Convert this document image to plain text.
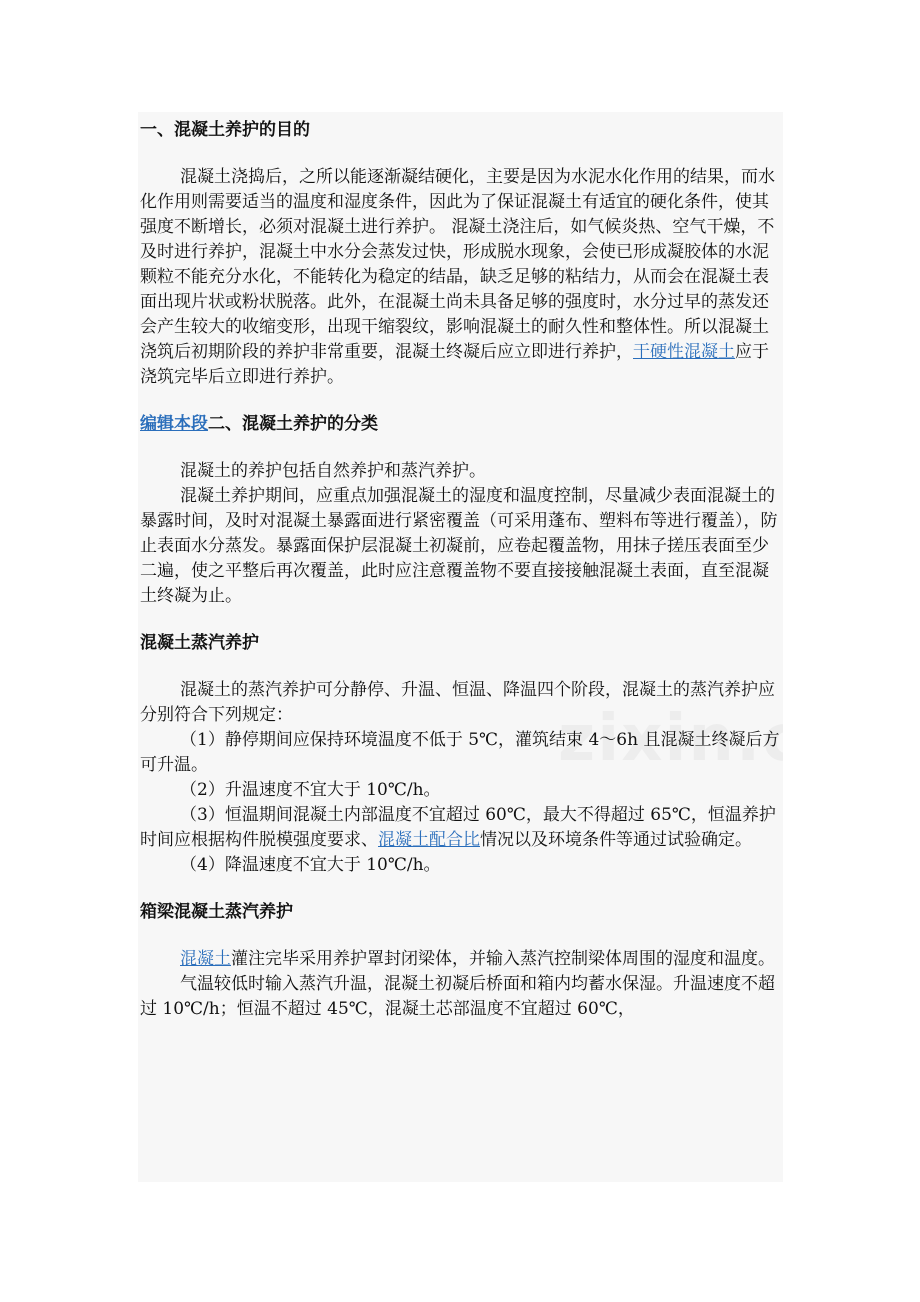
一、混凝土养护的目的

混凝土浇捣后，之所以能逐渐凝结硬化，主要是因为水泥水化作用的结果，而水化作用则需要适当的温度和湿度条件，因此为了保证混凝土有适宜的硬化条件，使其强度不断增长，必须对混凝土进行养护。 混凝土浇注后，如气候炎热、空气干燥，不及时进行养护，混凝土中水分会蒸发过快，形成脱水现象，会使已形成凝胶体的水泥颗粒不能充分水化，不能转化为稳定的结晶，缺乏足够的粘结力，从而会在混凝土表面出现片状或粉状脱落。此外，在混凝土尚未具备足够的强度时，水分过早的蒸发还会产生较大的收缩变形，出现干缩裂纹，影响混凝土的耐久性和整体性。所以混凝土浇筑后初期阶段的养护非常重要，混凝土终凝后应立即进行养护，干硬性混凝土应于浇筑完毕后立即进行养护。

编辑本段二、混凝土养护的分类

混凝土的养护包括自然养护和蒸汽养护。

混凝土养护期间，应重点加强混凝土的湿度和温度控制，尽量减少表面混凝土的暴露时间，及时对混凝土暴露面进行紧密覆盖（可采用蓬布、塑料布等进行覆盖），防止表面水分蒸发。暴露面保护层混凝土初凝前，应卷起覆盖物，用抹子搓压表面至少二遍，使之平整后再次覆盖，此时应注意覆盖物不要直接接触混凝土表面，直至混凝土终凝为止。

混凝土蒸汽养护

混凝土的蒸汽养护可分静停、升温、恒温、降温四个阶段，混凝土的蒸汽养护应分别符合下列规定：

（1）静停期间应保持环境温度不低于 5℃，灌筑结束 4～6h 且混凝土终凝后方可升温。

（2）升温速度不宜大于 10℃/h。

（3）恒温期间混凝土内部温度不宜超过 60℃，最大不得超过 65℃，恒温养护时间应根据构件脱模强度要求、混凝土配合比情况以及环境条件等通过试验确定。

（4）降温速度不宜大于 10℃/h。

箱梁混凝土蒸汽养护

混凝土灌注完毕采用养护罩封闭梁体，并输入蒸汽控制梁体周围的湿度和温度。

气温较低时输入蒸汽升温，混凝土初凝后桥面和箱内均蓄水保湿。升温速度不超过 10℃/h；恒温不超过 45℃，混凝土芯部温度不宜超过 60℃，
